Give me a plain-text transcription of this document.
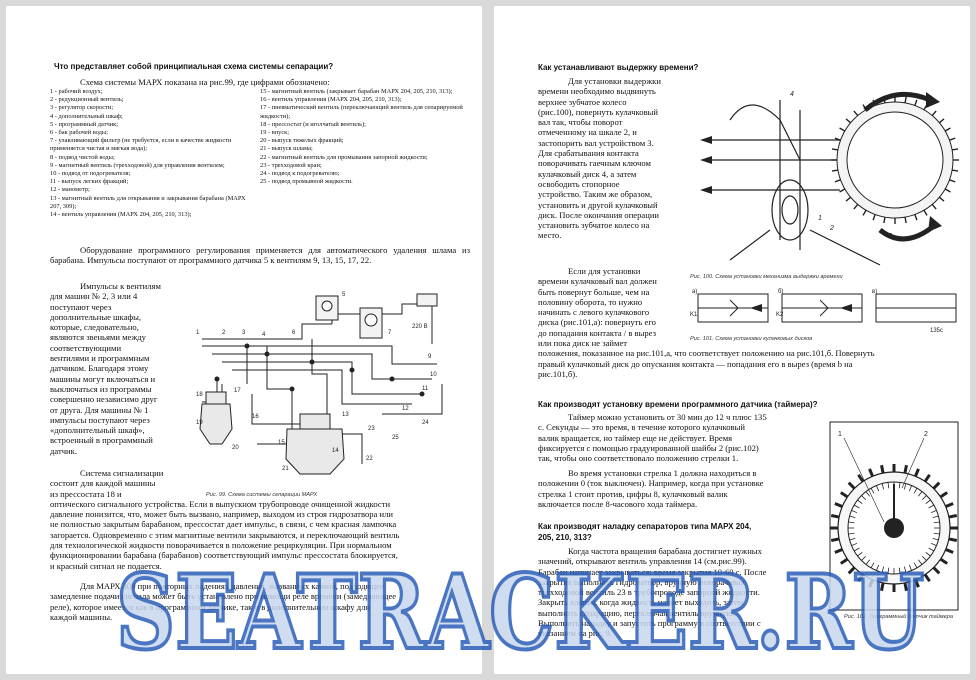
Что представляет собой принципиальная схема системы сепарации?
Схема системы МАРХ показана на рис.99, где цифрами обозначено:
1 - рабочий воздух;
2 - редукционный вентиль;
3 - регулятор скорости;
4 - дополнительный шкаф;
5 - программный датчик;
6 - бак рабочей воды;
7 - улавливающий фильтр (не требуется, если в качестве жидкости применяется чистая и мягкая вода);
8 - подвод чистой воды;
9 - магнитный вентиль (трехходовой) для управления вентилем;
10 - подвод от подогревателя;
11 - выпуск легких фракций;
12 - манометр;
13 - магнитный вентиль для открывания и закрывания барабана (МАРХ 207, 309);
14 - вентиль управления (МАРХ 204, 205, 210, 313);
15 - магнитный вентиль (закрывает барабан МАРХ 204, 205, 210, 313);
16 - вентиль управления (МАРХ 204, 205, 210, 313);
17 - пневматический вентиль (переключающий вентиль для сепарируемой жидкости);
18 - прессостат (и иголчатый вентиль);
19 - впуск;
20 - выпуск тяжелых фракций;
21 - выпуск шлама;
22 - магнитный вентиль для промывания запорной жидкости;
23 - трехходовой кран;
24 - подвод к подогревателю;
25 - подвод промывной жидкости.
Оборудование программного регулирования применяется для автоматического удаления шлама из барабана. Импульсы поступают от программного датчика 5 к вентилям 9, 13, 15, 17, 22.
Импульсы к вентилям
для машин № 2, 3 или 4
поступают через
дополнительные шкафы,
которые, следовательно,
являются звеньями между
соответствующими
вентилями и программным
датчиком. Благодаря этому
машины могут включаться и
выключаться из программы
совершенно независимо друг
от друга. Для машины № 1
импульсы поступают через
«дополнительный шкаф»,
встроенный в программный
датчик.
1	2	3	4	6
5
7
9
10
11
12
13
14
15
16
17
18
19
20
21
22
23
24
25
220 В
Рис. 99. Схема системы сепарации МАРХ
Система сигнализации
состоит для каждой машины
из прессостата 18 и
оптического сигнального устройства. Если в выпускном трубопроводе очищенной жидкости
давление понизится, что, может быть вызвано, например, выходом из строя гидрозатвора или
не полностью закрытым барабаном, прессостат дает импульс, в связи, с чем красная лампочка
загорается. Одновременно с этим магнитные вентили закрываются, и переключающий вентиль
для технологической жидкости поворачивается в положение рециркуляции. При нормальном
функционировании барабана (барабанов) соответствующий импульс прессостата блокируется,
и красный сигнал не подается.
Для МАРХ 309 при повторных падениях давления, вызванных качкой, подходящее
замедление подачи сигнала может быть установлено при помощи реле времени (замедляющее
реле), которое имеется как в программном датчике, так и в дополнительном шкафу для
каждой машины.
141
Как устанавливают выдержку времени?
Для установки выдержки
времени необходимо выдвинуть
верхнее зубчатое колесо
(рис.100), повернуть кулачковый
вал так, чтобы поворот
отмеченному на шкале 2, и
застопорить вал устройством 3.
Для срабатывания контакта
поворачивать гаечным ключом
кулачковый диск 4, а затем
освободить стопорное
устройство. Таким же образом,
установить и другой кулачковый
диск. После окончания операции
установить зубчатое колесо на
место.
4
1
2
3
Рис. 100. Схема установки механизма выдержки времени
Если для установки
времени кулачковый вал должен
быть повернут больше, чем на
половину оборота, то нужно
начинать с левого кулачкового
диска (рис.101,а): повернуть его
до попадания контакта / в вырез
или пока диск не займет
положения, показанное на рис.101,а, что соответствует положению на рис.101,б. Повернуть
правый кулачковый диск до опускания контакта — попадания его в вырез (время b на
рис.101,б).
a)	б)	в)
K1	K2
135с
Рис. 101. Схема установки кулачковых дисков
Как производят установку времени программного датчика (таймера)?
Таймер можно установить от 30 мин до 12 ч плюс 135
с. Секунды — это время, в течение которого кулачковый
валик вращается, но таймер еще не действует. Время
фиксируется с помощью градуированной шайбы 2 (рис.102)
так, чтобы оно соответствовало положению стрелки 1.
Во время установки стрелка 1 должна находиться в
положении 0 (ток выключен). Например, когда при установке
стрелка 1 стоит против, цифры 8, кулачковый валик
включается после 8-часового хода таймера.
1	2
Рис. 102. Программный датчик таймера
Как производят наладку сепараторов типа МАРХ 204,
205, 210, 313?
Когда частота вращения барабана достигнет нужных
значений, открывают вентиль управления 14 (см.рис.99).
Барабан начинает закрываться; время закрытия 10-60 с. После
закрытия выполнить гидрозатвор, вручную поворачивая
трехходовой вентиль 23 в трубопроводе запорной жидкости.
Закрыть клапан, когда жидкость начнет выходить, затем
выполнить сепарацию, переключая вентиль вручную.
Выполнить наладку и запустить программу в соответствии с
указанием на рис. 9.
SEATRACKER.RU
